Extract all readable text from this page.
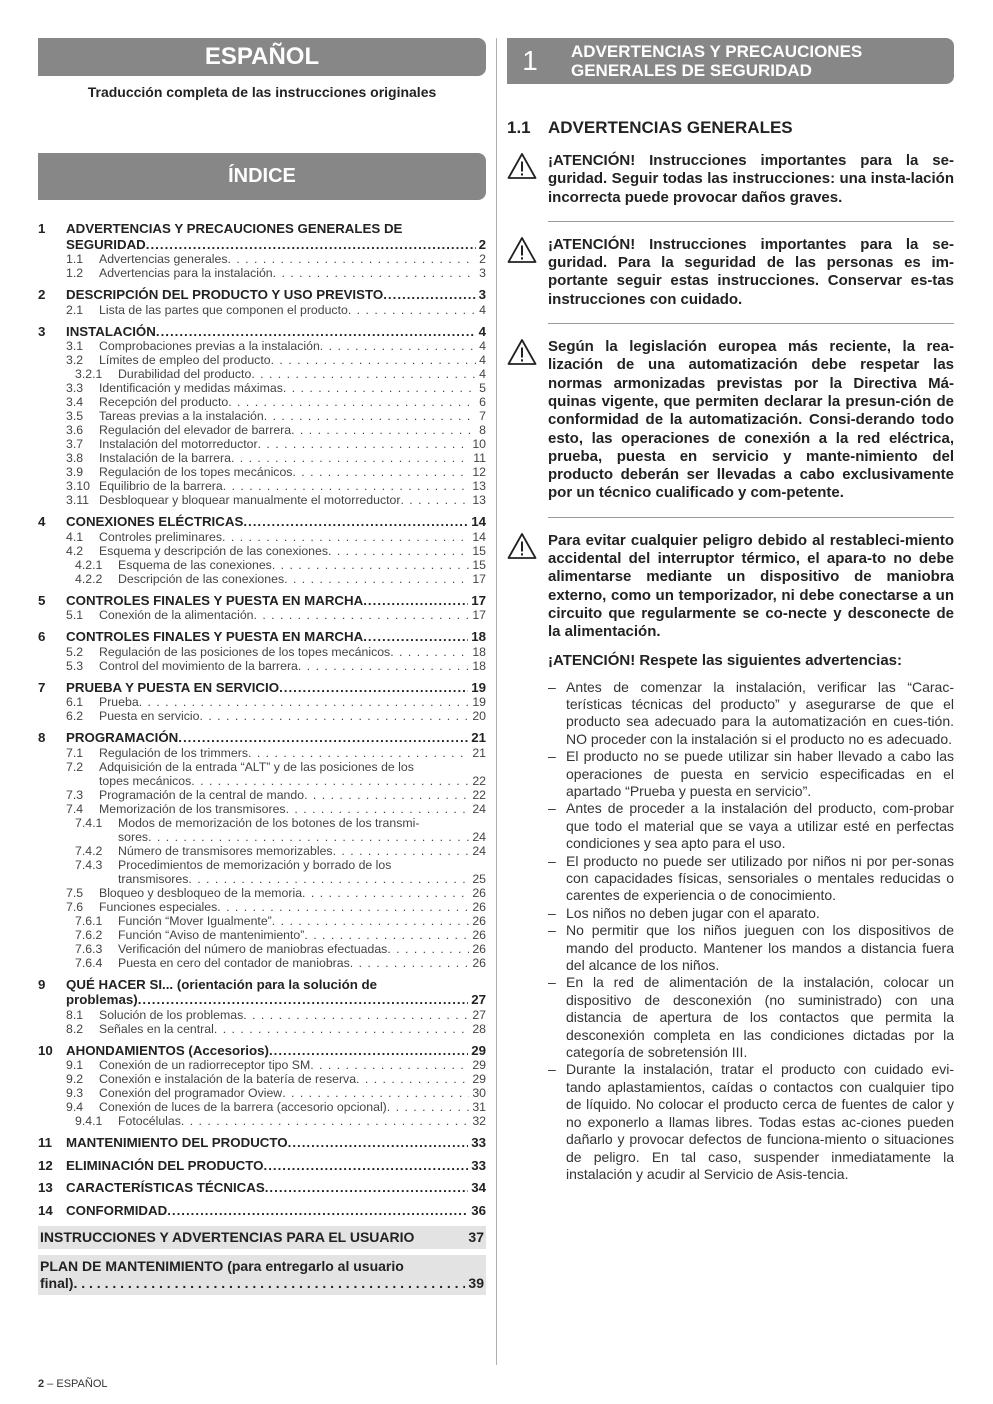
ESPAÑOL
Traducción completa de las instrucciones originales
ÍNDICE
1	ADVERTENCIAS Y PRECAUCIONES GENERALES DE
SEGURIDAD .....	2
1.1	Advertencias generales . . .	2
1.2	Advertencias para la instalación . . .	3
2	DESCRIPCIÓN DEL PRODUCTO Y USO PREVISTO .....	3
2.1	Lista de las partes que componen el producto . . .	4
3	INSTALACIÓN .....	4
3.1	Comprobaciones previas a la instalación . . .	4
3.2	Límites de empleo del producto . . .	4
3.2.1	Durabilidad del producto . . .	4
3.3	Identificación y medidas máximas . . .	5
3.4	Recepción del producto . . .	6
3.5	Tareas previas a la instalación . . .	7
3.6	Regulación del elevador de barrera . . .	8
3.7	Instalación del motorreductor . . .	10
3.8	Instalación de la barrera . . .	11
3.9	Regulación de los topes mecánicos . . .	12
3.10 Equilibrio de la barrera . . .	13
3.11 Desbloquear y bloquear manualmente el motorreductor . . .	13
4	CONEXIONES ELÉCTRICAS .....	14
4.1	Controles preliminares . . .	14
4.2	Esquema y descripción de las conexiones . . .	15
4.2.1	Esquema de las conexiones . . .	15
4.2.2	Descripción de las conexiones . . .	17
5	CONTROLES FINALES Y PUESTA EN MARCHA .....	17
5.1	Conexión de la alimentación . . .	17
6	CONTROLES FINALES Y PUESTA EN MARCHA .....	18
5.2	Regulación de las posiciones de los topes mecánicos . . .	18
5.3	Control del movimiento de la barrera . . .	18
7	PRUEBA Y PUESTA EN SERVICIO .....	19
6.1	Prueba . . .	19
6.2	Puesta en servicio . . .	20
8	PROGRAMACIÓN .....	21
7.1	Regulación de los trimmers . . .	21
7.2	Adquisición de la entrada “ALT” y de las posiciones de los
topes mecánicos . . .	22
7.3	Programación de la central de mando . . .	22
7.4	Memorización de los transmisores . . .	24
7.4.1	Modos de memorización de los botones de los transmi-
sores . . .	24
7.4.2	Número de transmisores memorizables . . .	24
7.4.3	Procedimientos de memorización y borrado de los
transmisores . . .	25
7.5	Bloqueo y desbloqueo de la memoria . . .	26
7.6	Funciones especiales . . .	26
7.6.1	Función “Mover Igualmente” . . .	26
7.6.2	Función “Aviso de mantenimiento” . . .	26
7.6.3	Verificación del número de maniobras efectuadas . . .	26
7.6.4	Puesta en cero del contador de maniobras . . .	26
9	QUÉ HACER SI... (orientación para la solución de
problemas) .....	27
8.1	Solución de los problemas . . .	27
8.2	Señales en la central . . .	28
10 AHONDAMIENTOS (Accesorios) .....	29
9.1	Conexión de un radiorreceptor tipo SM . . .	29
9.2	Conexión e instalación de la batería de reserva . . .	29
9.3	Conexión del programador Oview . . .	30
9.4	Conexión de luces de la barrera (accesorio opcional) . . .	31
9.4.1	Fotocélulas . . .	32
11	MANTENIMIENTO DEL PRODUCTO .....	33
12 ELIMINACIÓN DEL PRODUCTO .....	33
13 CARACTERÍSTICAS TÉCNICAS .....	34
14 CONFORMIDAD .....	36
INSTRUCCIONES Y ADVERTENCIAS PARA EL USUARIO	37
PLAN DE MANTENIMIENTO (para entregarlo al usuario
final) . . .	39
1	ADVERTENCIAS Y PRECAUCIONES
GENERALES DE SEGURIDAD
1.1	ADVERTENCIAS GENERALES
¡ATENCIÓN! Instrucciones importantes para la se-guridad. Seguir todas las instrucciones: una insta-lación incorrecta puede provocar daños graves.
¡ATENCIÓN! Instrucciones importantes para la se-guridad. Para la seguridad de las personas es im-portante seguir estas instrucciones. Conservar es-tas instrucciones con cuidado.
Según la legislación europea más reciente, la rea-lización de una automatización debe respetar las normas armonizadas previstas por la Directiva Má-quinas vigente, que permiten declarar la presun-ción de conformidad de la automatización. Consi-derando todo esto, las operaciones de conexión a la red eléctrica, prueba, puesta en servicio y mante-nimiento del producto deberán ser llevadas a cabo exclusivamente por un técnico cualificado y com-petente.
Para evitar cualquier peligro debido al restableci-miento accidental del interruptor térmico, el apara-to no debe alimentarse mediante un dispositivo de maniobra externo, como un temporizador, ni debe conectarse a un circuito que regularmente se co-necte y desconecte de la alimentación.
¡ATENCIÓN! Respete las siguientes advertencias:
– Antes de comenzar la instalación, verificar las “Carac-terísticas técnicas del producto” y asegurarse de que el producto sea adecuado para la automatización en cues-tión. NO proceder con la instalación si el producto no es adecuado.
– El producto no se puede utilizar sin haber llevado a cabo las operaciones de puesta en servicio especificadas en el apartado “Prueba y puesta en servicio”.
– Antes de proceder a la instalación del producto, com-probar que todo el material que se vaya a utilizar esté en perfectas condiciones y sea apto para el uso.
– El producto no puede ser utilizado por niños ni por per-sonas con capacidades físicas, sensoriales o mentales reducidas o carentes de experiencia o de conocimiento.
– Los niños no deben jugar con el aparato.
– No permitir que los niños jueguen con los dispositivos de mando del producto. Mantener los mandos a distancia fuera del alcance de los niños.
– En la red de alimentación de la instalación, colocar un dispositivo de desconexión (no suministrado) con una distancia de apertura de los contactos que permita la desconexión completa en las condiciones dictadas por la categoría de sobretensión III.
– Durante la instalación, tratar el producto con cuidado evi-tando aplastamientos, caídas o contactos con cualquier tipo de líquido. No colocar el producto cerca de fuentes de calor y no exponerlo a llamas libres. Todas estas ac-ciones pueden dañarlo y provocar defectos de funciona-miento o situaciones de peligro. En tal caso, suspender inmediatamente la instalación y acudir al Servicio de Asis-tencia.
2 – ESPAÑOL
